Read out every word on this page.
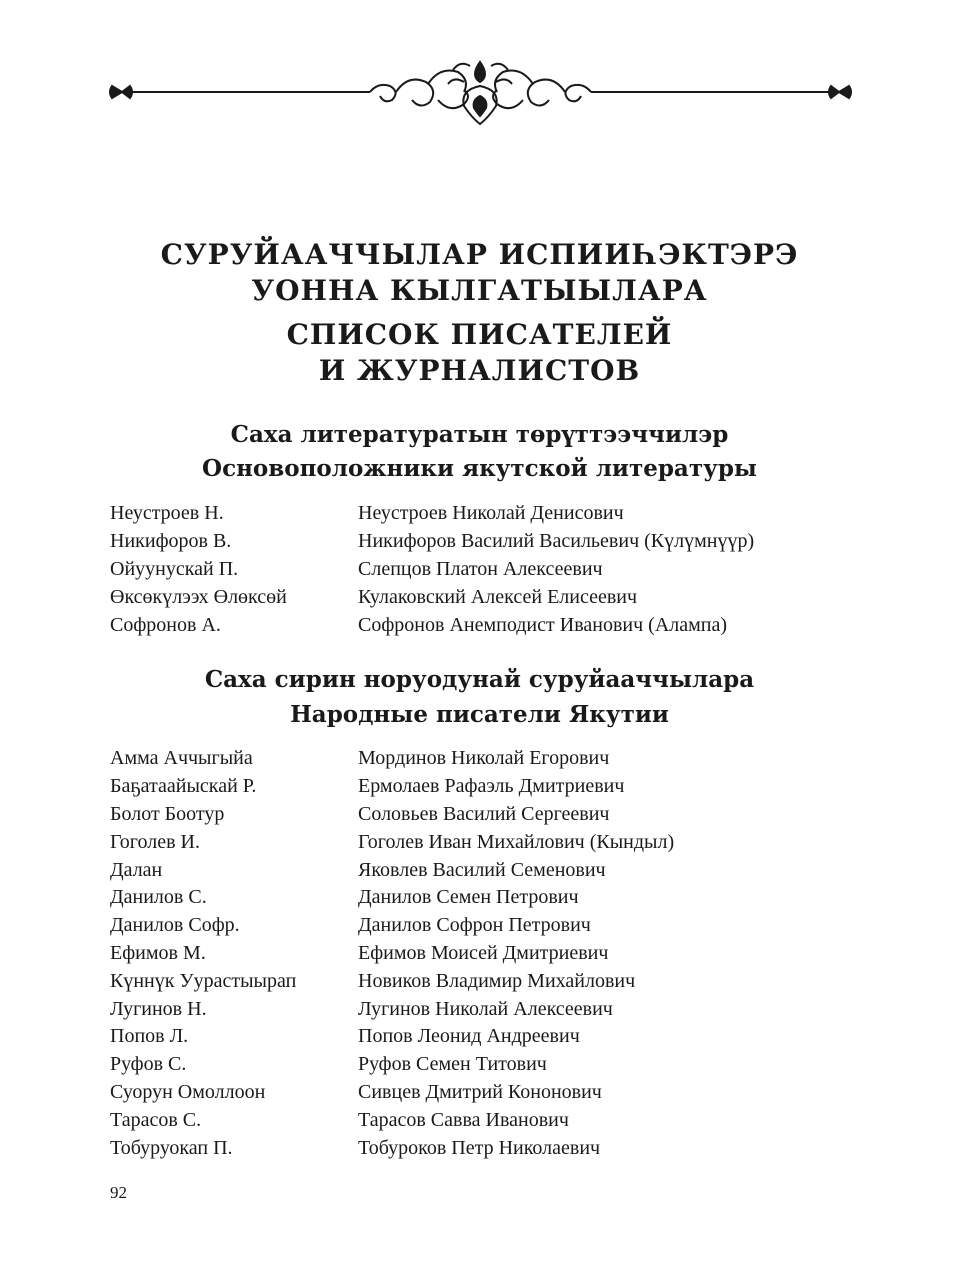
СУРУЙААЧЧЫЛАР ИСПИИҺЭКТЭРЭ
УОННА КЫЛГАТЫЫЛАРА
СПИСОК ПИСАТЕЛЕЙ
И ЖУРНАЛИСТОВ
Саха литературатын төрүттээччилэр
Основоположники якутской литературы
Неустроев Н.	Неустроев Николай Денисович
Никифоров В.	Никифоров Василий Васильевич (Күлүмнүүр)
Ойуунускай П.	Слепцов Платон Алексеевич
Өксөкүлээх Өлөксөй	Кулаковский Алексей Елисеевич
Софронов А.	Софронов Анемподист Иванович (Алампа)
Саха сирин норуодунай суруйааччылара
Народные писатели Якутии
Амма Аччыгыйа	Мординов Николай Егорович
Баҕатаайыскай Р.	Ермолаев Рафаэль Дмитриевич
Болот Боотур	Соловьев Василий Сергеевич
Гоголев И.	Гоголев Иван Михайлович (Кындыл)
Далан	Яковлев Василий Семенович
Данилов С.	Данилов Семен Петрович
Данилов Софр.	Данилов Софрон Петрович
Ефимов М.	Ефимов Моисей Дмитриевич
Күннүк Уурастыырап	Новиков Владимир Михайлович
Лугинов Н.	Лугинов Николай Алексеевич
Попов Л.	Попов Леонид Андреевич
Руфов С.	Руфов Семен Титович
Суорун Омоллоон	Сивцев Дмитрий Кононович
Тарасов С.	Тарасов Савва Иванович
Тобуруокап П.	Тобуроков Петр Николаевич
92
